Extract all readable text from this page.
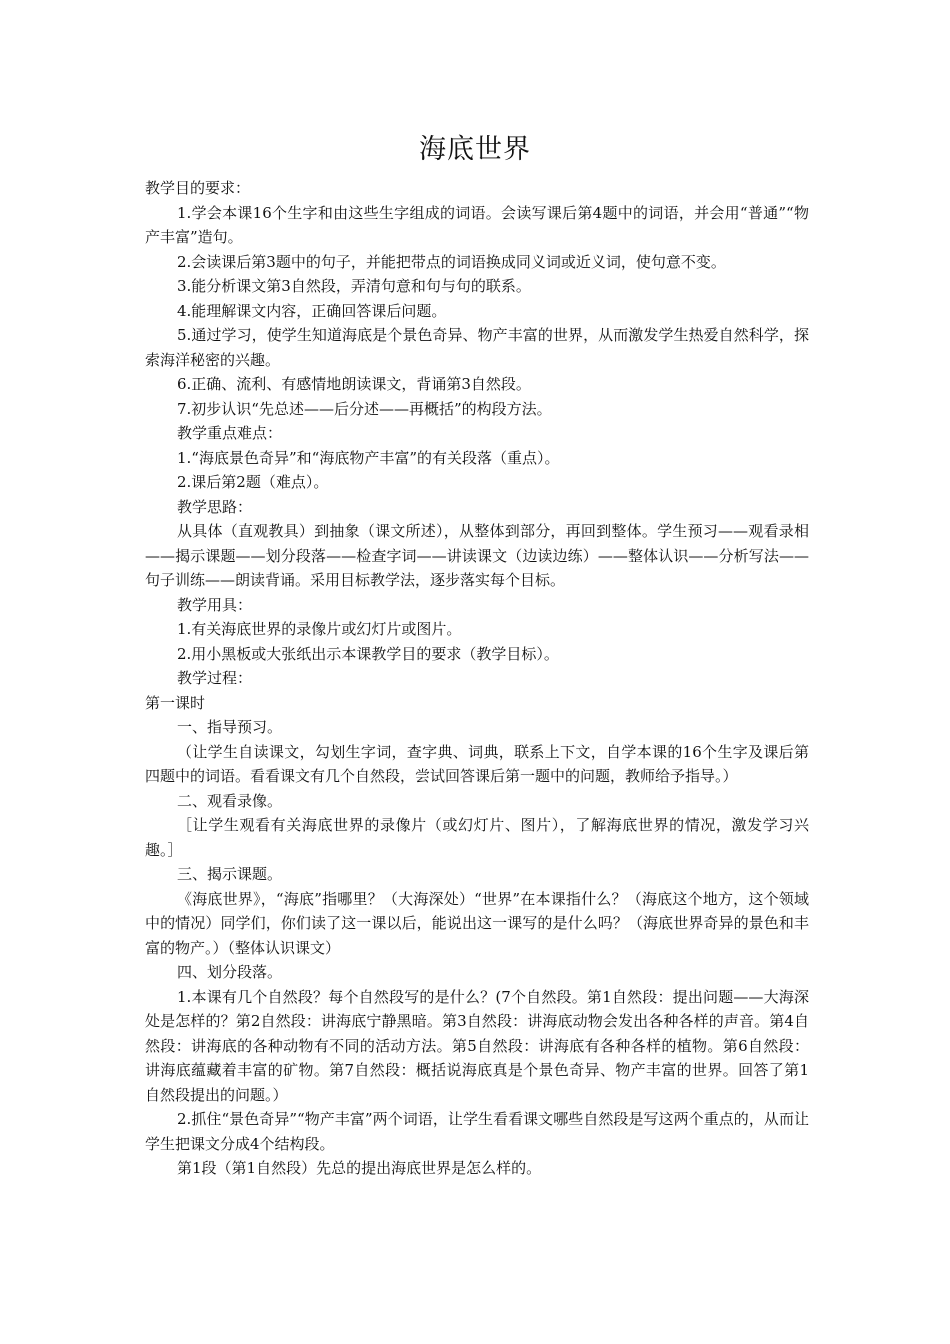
海底世界

教学目的要求：

1.学会本课16个生字和由这些生字组成的词语。会读写课后第4题中的词语，并会用“普通”“物产丰富”造句。

2.会读课后第3题中的句子，并能把带点的词语换成同义词或近义词，使句意不变。

3.能分析课文第3自然段，弄清句意和句与句的联系。

4.能理解课文内容，正确回答课后问题。

5.通过学习，使学生知道海底是个景色奇异、物产丰富的世界，从而激发学生热爱自然科学，探索海洋秘密的兴趣。

6.正确、流利、有感情地朗读课文，背诵第3自然段。

7.初步认识“先总述——后分述——再概括”的构段方法。

教学重点难点：

1.“海底景色奇异”和“海底物产丰富”的有关段落（重点）。

2.课后第2题（难点）。

教学思路：

从具体（直观教具）到抽象（课文所述），从整体到部分，再回到整体。学生预习——观看录相——揭示课题——划分段落——检查字词——讲读课文（边读边练）——整体认识——分析写法——句子训练——朗读背诵。采用目标教学法，逐步落实每个目标。

教学用具：

1.有关海底世界的录像片或幻灯片或图片。

2.用小黑板或大张纸出示本课教学目的要求（教学目标）。

教学过程：

第一课时

一、指导预习。

（让学生自读课文，勾划生字词，查字典、词典，联系上下文，自学本课的16个生字及课后第四题中的词语。看看课文有几个自然段，尝试回答课后第一题中的问题，教师给予指导。）

二、观看录像。

［让学生观看有关海底世界的录像片（或幻灯片、图片），了解海底世界的情况，激发学习兴趣。］

三、揭示课题。

《海底世界》，“海底”指哪里？（大海深处）“世界”在本课指什么？（海底这个地方，这个领域中的情况）同学们，你们读了这一课以后，能说出这一课写的是什么吗？（海底世界奇异的景色和丰富的物产。）（整体认识课文）

四、划分段落。

1.本课有几个自然段？每个自然段写的是什么？(7个自然段。第1自然段：提出问题——大海深处是怎样的？第2自然段：讲海底宁静黑暗。第3自然段：讲海底动物会发出各种各样的声音。第4自然段：讲海底的各种动物有不同的活动方法。第5自然段：讲海底有各种各样的植物。第6自然段：讲海底蕴藏着丰富的矿物。第7自然段：概括说海底真是个景色奇异、物产丰富的世界。回答了第1自然段提出的问题。）

2.抓住“景色奇异”“物产丰富”两个词语，让学生看看课文哪些自然段是写这两个重点的，从而让学生把课文分成4个结构段。

第1段（第1自然段）先总的提出海底世界是怎么样的。
